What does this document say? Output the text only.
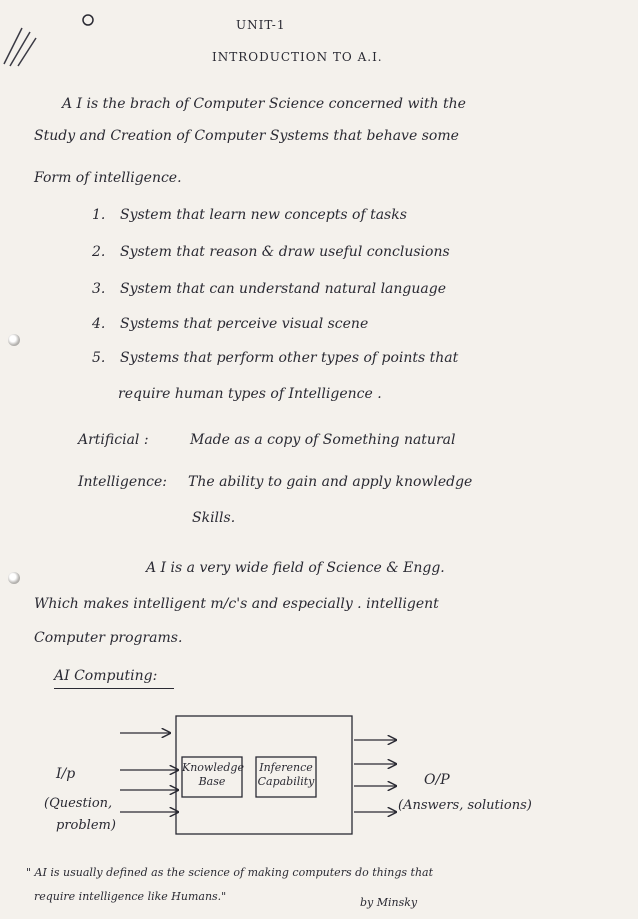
UNIT-1
INTRODUCTION TO A.I.
A I is the brach of Computer Science concerned with the
Study and Creation of Computer Systems that behave some
Form of intelligence.
1. System that learn new concepts of tasks
2. System that reason & draw useful conclusions
3. System that can understand natural language
4. Systems that perceive visual scene
5. Systems that perform other types of points that
require human types of Intelligence .
Artificial :	Made as a copy of Something natural
Intelligence: The ability to gain and apply knowledge
Skills.
A I is a very wide field of Science & Engg.
Which makes intelligent m/c's and especially . intelligent
Computer programs.
AI Computing:
Knowledge
Base
Inference
Capability
I/p
(Question,
problem)
O/P
(Answers, solutions)
" AI is usually defined as the science of making computers do things that
require intelligence like Humans."	by Minsky
